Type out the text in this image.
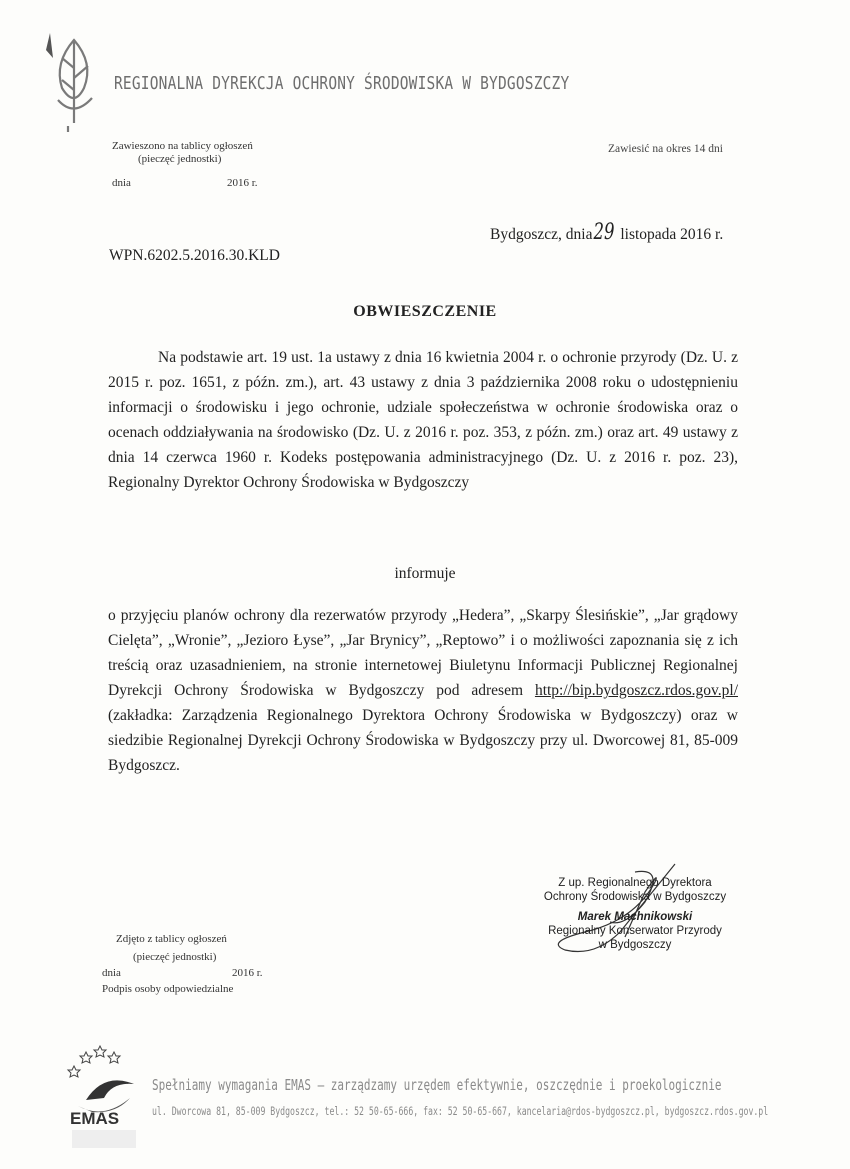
REGIONALNA DYREKCJA OCHRONY ŚRODOWISKA W BYDGOSZCZY
Zawieszono na tablicy ogłoszeń
(pieczęć jednostki)
dnia	2016 r.
Zawiesić na okres 14 dni
Bydgoszcz, dnia29 listopada 2016 r.
WPN.6202.5.2016.30.KLD
OBWIESZCZENIE
Na podstawie art. 19 ust. 1a ustawy z dnia 16 kwietnia 2004 r. o ochronie przyrody (Dz. U. z 2015 r. poz. 1651, z późn. zm.), art. 43 ustawy z dnia 3 października 2008 roku o udostępnieniu informacji o środowisku i jego ochronie, udziale społeczeństwa w ochronie środowiska oraz o ocenach oddziaływania na środowisko (Dz. U. z 2016 r. poz. 353, z późn. zm.) oraz art. 49 ustawy z dnia 14 czerwca 1960 r. Kodeks postępowania administracyjnego (Dz. U. z 2016 r. poz. 23), Regionalny Dyrektor Ochrony Środowiska w Bydgoszczy
informuje
o przyjęciu planów ochrony dla rezerwatów przyrody „Hedera”, „Skarpy Ślesińskie”, „Jar grądowy Cielęta”, „Wronie”, „Jezioro Łyse”, „Jar Brynicy”, „Reptowo” i o możliwości zapoznania się z ich treścią oraz uzasadnieniem, na stronie internetowej Biuletynu Informacji Publicznej Regionalnej Dyrekcji Ochrony Środowiska w Bydgoszczy pod adresem http://bip.bydgoszcz.rdos.gov.pl/ (zakładka: Zarządzenia Regionalnego Dyrektora Ochrony Środowiska w Bydgoszczy) oraz w siedzibie Regionalnej Dyrekcji Ochrony Środowiska w Bydgoszczy przy ul. Dworcowej 81, 85-009 Bydgoszcz.
Z up. Regionalnego Dyrektora
Ochrony Środowiska w Bydgoszczy
Marek Machnikowski
Regionalny Konserwator Przyrody
w Bydgoszczy
Zdjęto z tablicy ogłoszeń
(pieczęć jednostki)
dnia	2016 r.
Podpis osoby odpowiedzialne
EMAS
Spełniamy wymagania EMAS – zarządzamy urzędem efektywnie, oszczędnie i proekologicznie
ul. Dworcowa 81, 85-009 Bydgoszcz, tel.: 52 50-65-666, fax: 52 50-65-667, kancelaria@rdos-bydgoszcz.pl, bydgoszcz.rdos.gov.pl
